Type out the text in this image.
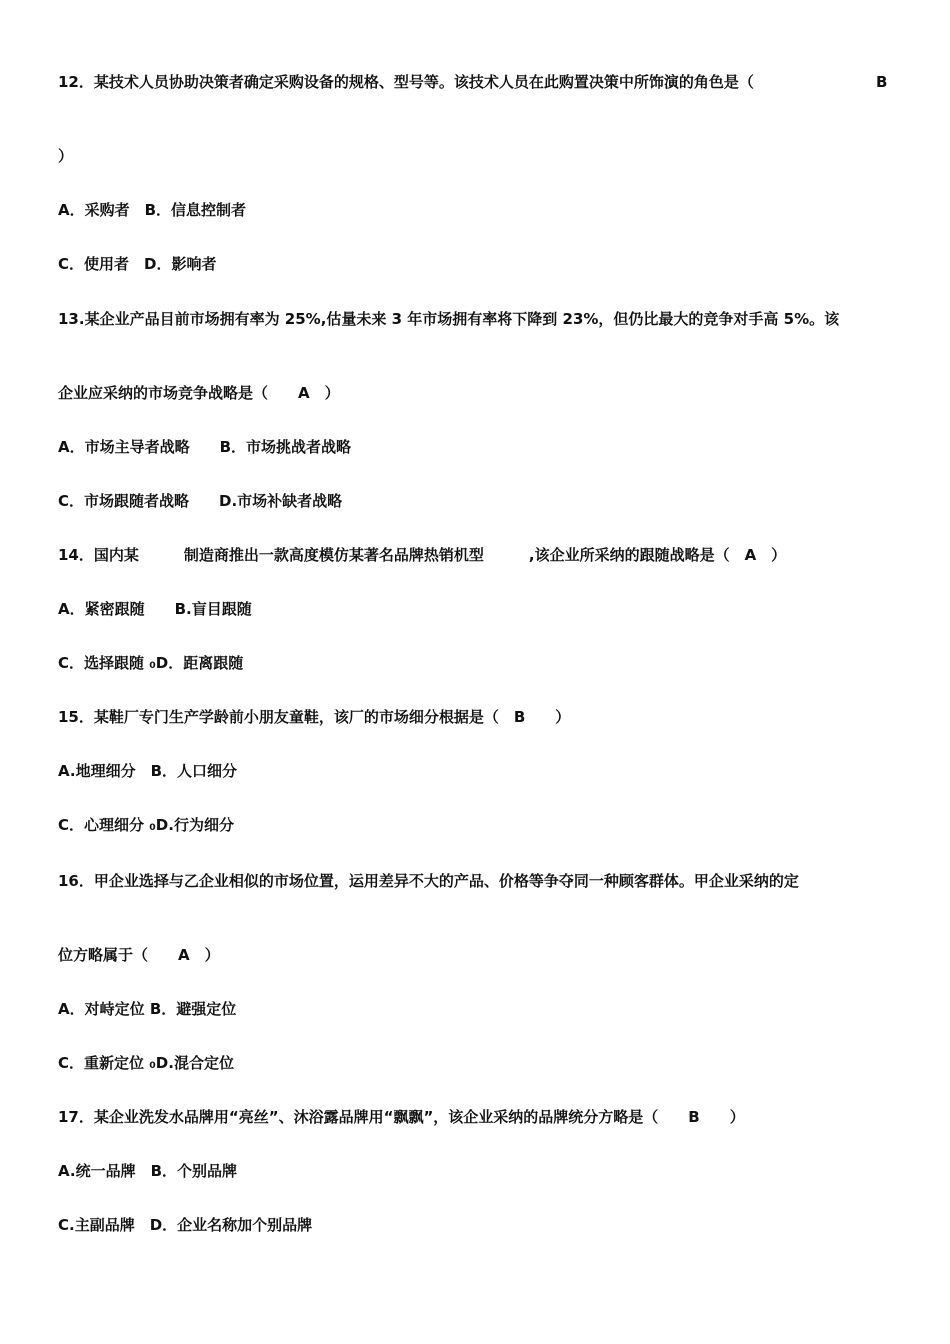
12．某技术人员协助决策者确定采购设备的规格、型号等。该技术人员在此购置决策中所饰演的角色是（	B
）
A．采购者　B．信息控制者
C．使用者　D．影响者
13.某企业产品目前市场拥有率为 25%,估量未来 3 年市场拥有率将下降到 23%，但仍比最大的竞争对手高 5%。该
企业应采纳的市场竞争战略是（　　A　）
A．市场主导者战略　　B．市场挑战者战略
C．市场跟随者战略　　D.市场补缺者战略
14．国内某　　　制造商推出一款高度模仿某著名品牌热销机型　　　,该企业所采纳的跟随战略是（　A　）
A．紧密跟随　　B.盲目跟随
C．选择跟随 ₀D．距离跟随
15．某鞋厂专门生产学龄前小朋友童鞋，该厂的市场细分根据是（　B　　）
A.地理细分　B．人口细分
C．心理细分 ₀D.行为细分
16．甲企业选择与乙企业相似的市场位置，运用差异不大的产品、价格等争夺同一种顾客群体。甲企业采纳的定
位方略属于（　　A　）
A．对峙定位 B．避强定位
C．重新定位 ₀D.混合定位
17．某企业洗发水品牌用“亮丝”、沐浴露品牌用“飘飘”，该企业采纳的品牌统分方略是（　　B　　）
A.统一品牌　B．个别品牌
C.主副品牌　D．企业名称加个别品牌
